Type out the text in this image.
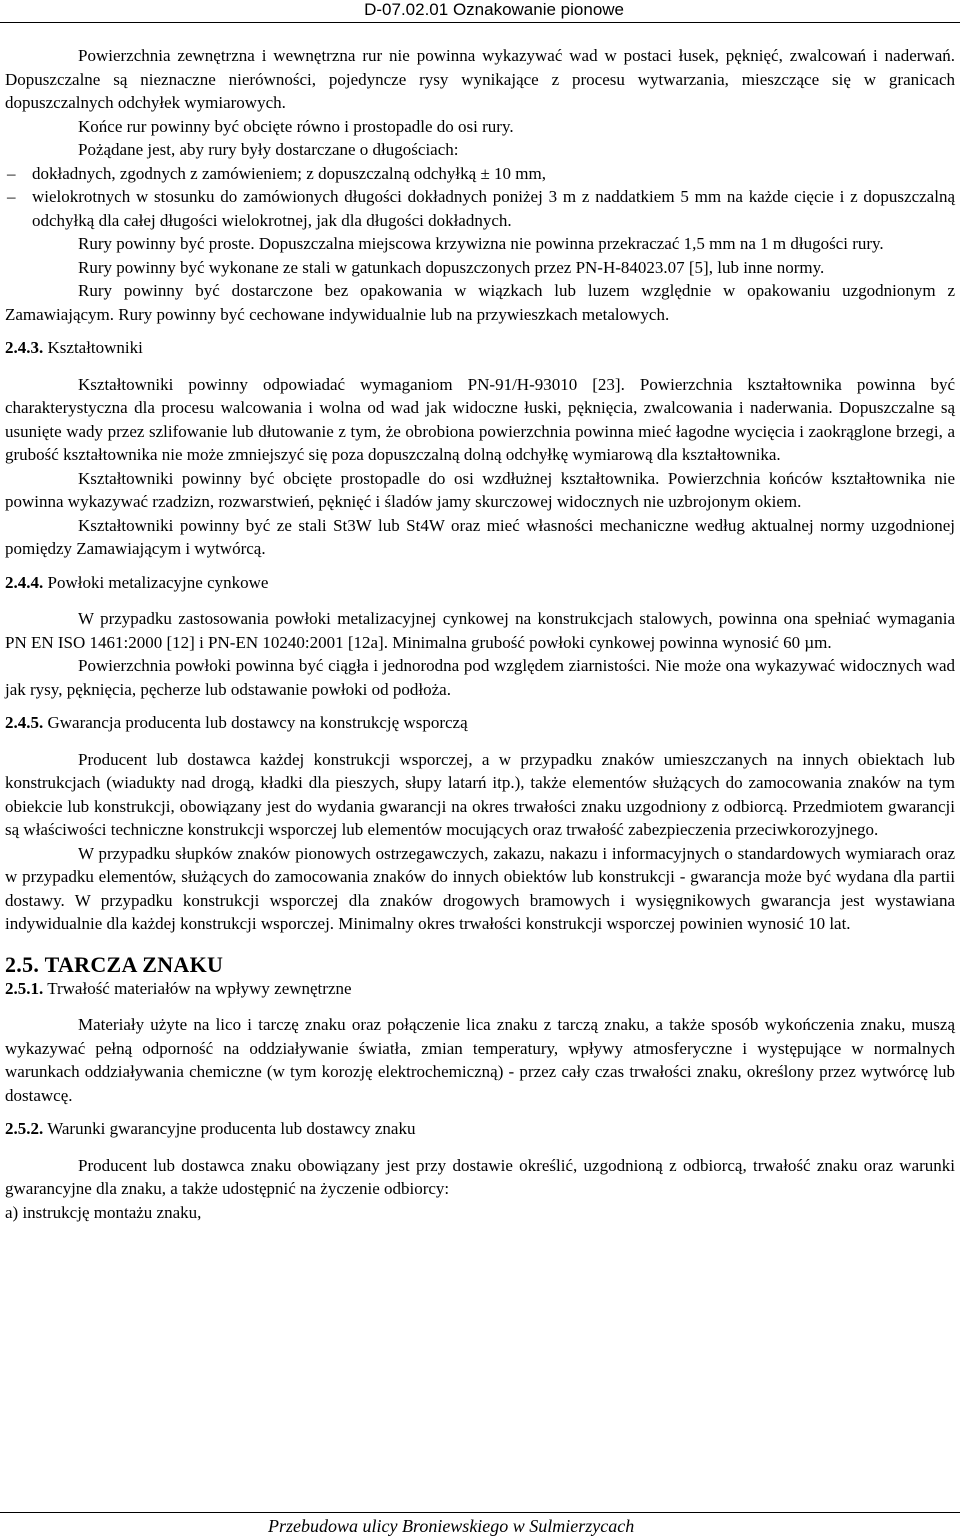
D-07.02.01 Oznakowanie pionowe

Powierzchnia zewnętrzna i wewnętrzna rur nie powinna wykazywać wad w postaci łusek, pęknięć, zwalcowań i naderwań. Dopuszczalne są nieznaczne nierówności, pojedyncze rysy wynikające z procesu wytwarzania, mieszczące się w granicach dopuszczalnych odchyłek wymiarowych.

Końce rur powinny być obcięte równo i prostopadle do osi rury.

Pożądane jest, aby rury były dostarczane o długościach:

– dokładnych, zgodnych z zamówieniem; z dopuszczalną odchyłką ± 10 mm,

– wielokrotnych w stosunku do zamówionych długości dokładnych poniżej 3 m z naddatkiem 5 mm na każde cięcie i z dopuszczalną odchyłką dla całej długości wielokrotnej, jak dla długości dokładnych.

Rury powinny być proste. Dopuszczalna miejscowa krzywizna nie powinna przekraczać 1,5 mm na 1 m długości rury.

Rury powinny być wykonane ze stali w gatunkach dopuszczonych przez PN-H-84023.07 [5], lub inne normy.

Rury powinny być dostarczone bez opakowania w wiązkach lub luzem względnie w opakowaniu uzgodnionym z Zamawiającym. Rury powinny być cechowane indywidualnie lub na przywieszkach metalowych.

2.4.3. Kształtowniki

Kształtowniki powinny odpowiadać wymaganiom PN-91/H-93010 [23]. Powierzchnia kształtownika powinna być charakterystyczna dla procesu walcowania i wolna od wad jak widoczne łuski, pęknięcia, zwalcowania i naderwania. Dopuszczalne są usunięte wady przez szlifowanie lub dłutowanie z tym, że obrobiona powierzchnia powinna mieć łagodne wycięcia i zaokrąglone brzegi, a grubość kształtownika nie może zmniejszyć się poza dopuszczalną dolną odchyłkę wymiarową dla kształtownika.

Kształtowniki powinny być obcięte prostopadle do osi wzdłużnej kształtownika. Powierzchnia końców kształtownika nie powinna wykazywać rzadzizn, rozwarstwień, pęknięć i śladów jamy skurczowej widocznych nie uzbrojonym okiem.

Kształtowniki powinny być ze stali St3W lub St4W oraz mieć własności mechaniczne według aktualnej normy uzgodnionej pomiędzy Zamawiającym i wytwórcą.

2.4.4. Powłoki metalizacyjne cynkowe

W przypadku zastosowania powłoki metalizacyjnej cynkowej na konstrukcjach stalowych, powinna ona spełniać wymagania PN EN ISO 1461:2000 [12] i PN-EN 10240:2001 [12a]. Minimalna grubość powłoki cynkowej powinna wynosić 60 µm.

Powierzchnia powłoki powinna być ciągła i jednorodna pod względem ziarnistości. Nie może ona wykazywać widocznych wad jak rysy, pęknięcia, pęcherze lub odstawanie powłoki od podłoża.

2.4.5. Gwarancja producenta lub dostawcy na konstrukcję wsporczą

Producent lub dostawca każdej konstrukcji wsporczej, a w przypadku znaków umieszczanych na innych obiektach lub konstrukcjach (wiadukty nad drogą, kładki dla pieszych, słupy latarń itp.), także elementów służących do zamocowania znaków na tym obiekcie lub konstrukcji, obowiązany jest do wydania gwarancji na okres trwałości znaku uzgodniony z odbiorcą. Przedmiotem gwarancji są właściwości techniczne konstrukcji wsporczej lub elementów mocujących oraz trwałość zabezpieczenia przeciwkorozyjnego.

W przypadku słupków znaków pionowych ostrzegawczych, zakazu, nakazu i informacyjnych o standardowych wymiarach oraz w przypadku elementów, służących do zamocowania znaków do innych obiektów lub konstrukcji - gwarancja może być wydana dla partii dostawy. W przypadku konstrukcji wsporczej dla znaków drogowych bramowych i wysięgnikowych gwarancja jest wystawiana indywidualnie dla każdej konstrukcji wsporczej. Minimalny okres trwałości konstrukcji wsporczej powinien wynosić 10 lat.

2.5. TARCZA ZNAKU

2.5.1. Trwałość materiałów na wpływy zewnętrzne

Materiały użyte na lico i tarczę znaku oraz połączenie lica znaku z tarczą znaku, a także sposób wykończenia znaku, muszą wykazywać pełną odporność na oddziaływanie światła, zmian temperatury, wpływy atmosferyczne i występujące w normalnych warunkach oddziaływania chemiczne (w tym korozję elektrochemiczną) - przez cały czas trwałości znaku, określony przez wytwórcę lub dostawcę.

2.5.2. Warunki gwarancyjne producenta lub dostawcy znaku

Producent lub dostawca znaku obowiązany jest przy dostawie określić, uzgodnioną z odbiorcą, trwałość znaku oraz warunki gwarancyjne dla znaku, a także udostępnić na życzenie odbiorcy:

a) instrukcję montażu znaku,

Przebudowa ulicy Broniewskiego w Sulmierzycach
